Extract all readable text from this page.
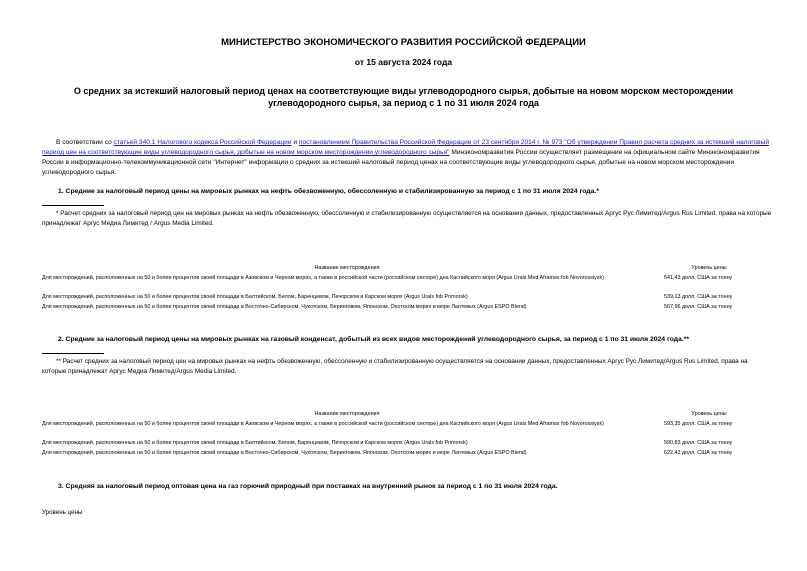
МИНИСТЕРСТВО ЭКОНОМИЧЕСКОГО РАЗВИТИЯ РОССИЙСКОЙ ФЕДЕРАЦИИ
от 15 августа 2024 года
О средних за истекший налоговый период ценах на соответствующие виды углеводородного сырья, добытые на новом морском месторождении углеводородного сырья, за период с 1 по 31 июля 2024 года
В соответствии со статьей 340.1 Налогового кодекса Российской Федерации и постановлением Правительства Российской Федерации от 23 сентября 2014 г. № 973 "Об утверждении Правил расчета средних за истекший налоговый период цен на соответствующие виды углеводородного сырья, добытые на новом морском месторождении углеводородного сырья" Минэкономразвития России осуществляет размещение на официальном сайте Минэкономразвития России в информационно-телекоммуникационной сети "Интернет" информации о средних за истекший налоговый период ценах на соответствующие виды углеводородного сырья, добытые на новом морском месторождении углеводородного сырья.
1. Средние за налоговый период цены на мировых рынках на нефть обезвоженную, обессоленную и стабилизированную за период с 1 по 31 июля 2024 года.*
* Расчет средних за налоговый период цен на мировых рынках на нефть обезвоженную, обессоленную и стабилизированную осуществляется на основании данных, предоставленных Аргус Рус Лимитед/Argus Rus Limited, права на которые принадлежат Аргус Медиа Лимитед / Argus Media Limited.
Название месторождения	Уровень цены
Для месторождений, расположенных на 50 и более процентов своей площади в Азовском и Черном морях, а также в российской части (российском секторе) дна Каспийского моря (Argus Urals Med Aframax fob Novorossiysk)	541,43 долл. США за тонну
Для месторождений, расположенных на 50 и более процентов своей площади в Балтийском, Белом, Баренцевом, Печорском и Карском морях (Argus Urals fob Primorsk)	539,13 долл. США за тонну
Для месторождений, расположенных на 50 и более процентов своей площади в Восточно-Сибирском, Чукотском, Беринговом, Японском, Охотском морях и море Лаптевых (Argus ESPO Blend)	567,96 долл. США за тонну
2. Средние за налоговый период цены на мировых рынках на газовый конденсат, добытый из всех видов месторождений углеводородного сырья, за период с 1 по 31 июля 2024 года.**
** Расчет средних за налоговый период цен на мировых рынках на нефть обезвоженную, обессоленную и стабилизированную осуществляется на основании данных, предоставленных Аргус Рус Лимитед/Argus Rus Limited, права на которые принадлежат Аргус Медиа Лимитед/Argus Media Limited.
Название месторождения	Уровень цены
Для месторождений, расположенных на 50 и более процентов своей площади в Азовском и Черном морях, а также в российской части (российском секторе) дна Каспийского моря (Argus Urals Med Aframax fob Novorossiysk)	593,35 долл. США за тонну
Для месторождений, расположенных на 50 и более процентов своей площади в Балтийском, Белом, Баренцевом, Печорском и Карском морях (Argus Urals fob Primorsk)	590,83 долл. США за тонну
Для месторождений, расположенных на 50 и более процентов своей площади в Восточно-Сибирском, Чукотском, Беринговом, Японском, Охотском морях и море Лаптевых (Argus ESPO Blend)	622,42 долл. США за тонну
3. Средняя за налоговый период оптовая цена на газ горючий природный при поставках на внутренний рынок за период с 1 по 31 июля 2024 года.
Уровень цены
